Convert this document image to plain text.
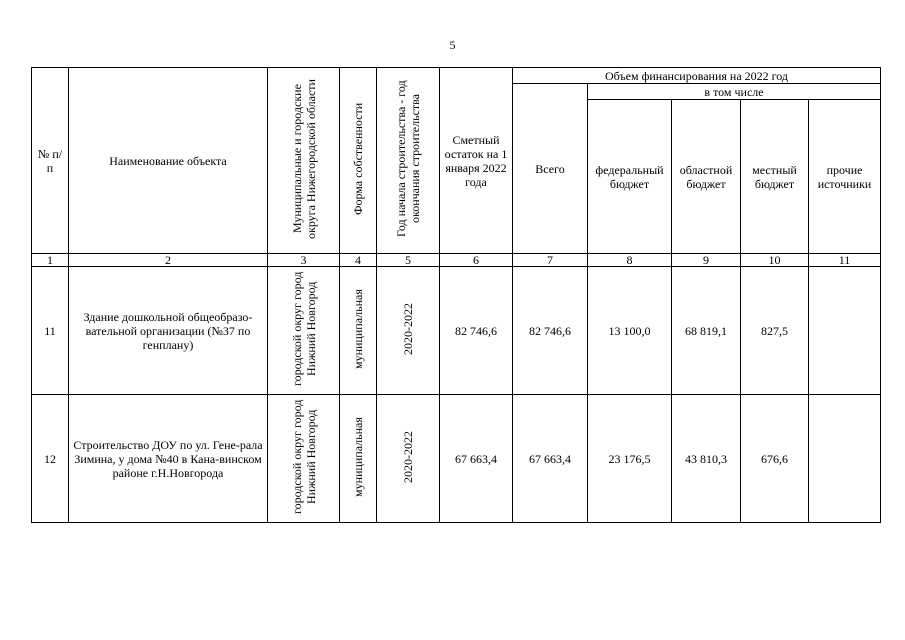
5
№ п/п	Наименование объекта	Муниципальные и городские округа Нижегородской области	Форма собственности	Год начала строительства - год окончания строительства	Сметный остаток на 1 января 2022 года	Объем финансирования на 2022 год				
						Всего	в том числе			
							федеральный бюджет	областной бюджет	местный бюджет	прочие источники
1	2	3	4	5	6	7	8	9	10	11
11	Здание дошкольной общеобразо-вательной организации (№37 по генплану)	городской округ город Нижний Новгород	муниципальная	2020-2022	82 746,6	82 746,6	13 100,0	68 819,1	827,5	
12	Строительство ДОУ по ул. Гене-рала Зимина, у дома №40 в Кана-винском районе г.Н.Новгорода	городской округ город Нижний Новгород	муниципальная	2020-2022	67 663,4	67 663,4	23 176,5	43 810,3	676,6	
